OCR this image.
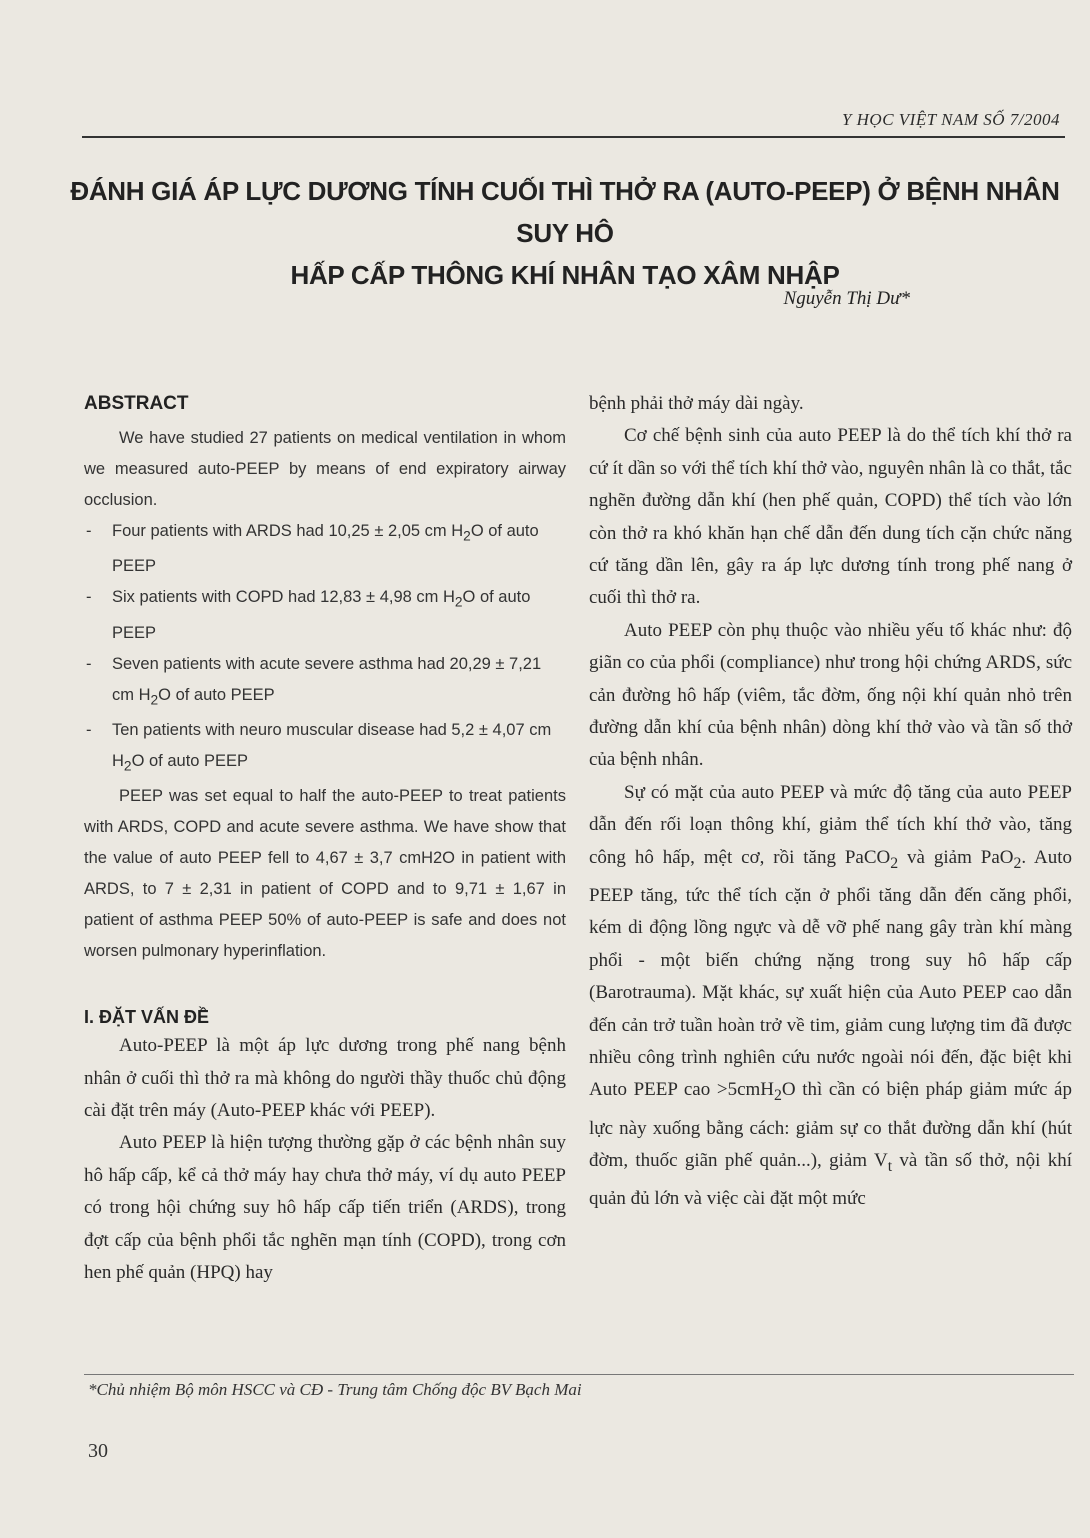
Y HỌC VIỆT NAM SỐ 7/2004
ĐÁNH GIÁ ÁP LỰC DƯƠNG TÍNH CUỐI THÌ THỞ RA (AUTO-PEEP) Ở BỆNH NHÂN SUY HÔ
HẤP CẤP THÔNG KHÍ NHÂN TẠO XÂM NHẬP
Nguyễn Thị Dư*
ABSTRACT

We have studied 27 patients on medical ventilation in whom we measured auto-PEEP by means of end expiratory airway occlusion.

- Four patients with ARDS had 10,25 ± 2,05 cm $H_2O$ of auto PEEP
- Six patients with COPD had 12,83 ± 4,98 cm $H_2O$ of auto PEEP
- Seven patients with acute severe asthma had 20,29 ± 7,21 cm $H_2O$ of auto PEEP
- Ten patients with neuro muscular disease had 5,2 ± 4,07 cm $H_2O$ of auto PEEP

PEEP was set equal to half the auto-PEEP to treat patients with ARDS, COPD and acute severe asthma. We have show that the value of auto PEEP fell to 4,67 ± 3,7 cmH2O in patient with ARDS, to 7 ± 2,31 in patient of COPD and to 9,71 ± 1,67 in patient of asthma PEEP 50% of auto-PEEP is safe and does not worsen pulmonary hyperinflation.

I. ĐẶT VẤN ĐỀ

Auto-PEEP là một áp lực dương trong phế nang bệnh nhân ở cuối thì thở ra mà không do người thầy thuốc chủ động cài đặt trên máy (Auto-PEEP khác với PEEP).

Auto PEEP là hiện tượng thường gặp ở các bệnh nhân suy hô hấp cấp, kể cả thở máy hay chưa thở máy, ví dụ auto PEEP có trong hội chứng suy hô hấp cấp tiến triển (ARDS), trong đợt cấp của bệnh phổi tắc nghẽn mạn tính (COPD), trong cơn hen phế quản (HPQ) hay

bệnh phải thở máy dài ngày.

Cơ chế bệnh sinh của auto PEEP là do thể tích khí thở ra cứ ít dần so với thể tích khí thở vào, nguyên nhân là co thắt, tắc nghẽn đường dẫn khí (hen phế quản, COPD) thể tích vào lớn còn thở ra khó khăn hạn chế dẫn đến dung tích cặn chức năng cứ tăng dần lên, gây ra áp lực dương tính trong phế nang ở cuối thì thở ra.

Auto PEEP còn phụ thuộc vào nhiều yếu tố khác như: độ giãn co của phổi (compliance) như trong hội chứng ARDS, sức cản đường hô hấp (viêm, tắc đờm, ống nội khí quản nhỏ trên đường dẫn khí của bệnh nhân) dòng khí thở vào và tần số thở của bệnh nhân.

Sự có mặt của auto PEEP và mức độ tăng của auto PEEP dẫn đến rối loạn thông khí, giảm thể tích khí thở vào, tăng công hô hấp, mệt cơ, rồi tăng PaCO$_2$ và giảm PaO$_2$. Auto PEEP tăng, tức thể tích cặn ở phổi tăng dẫn đến căng phổi, kém di động lồng ngực và dễ vỡ phế nang gây tràn khí màng phổi - một biến chứng nặng trong suy hô hấp cấp (Barotrauma). Mặt khác, sự xuất hiện của Auto PEEP cao dẫn đến cản trở tuần hoàn trở về tim, giảm cung lượng tim đã được nhiều công trình nghiên cứu nước ngoài nói đến, đặc biệt khi Auto PEEP cao >5cmH$_2$O thì cần có biện pháp giảm mức áp lực này xuống bằng cách: giảm sự co thắt đường dẫn khí (hút đờm, thuốc giãn phế quản...), giảm $V_t$ và tần số thở, nội khí quản đủ lớn và việc cài đặt một mức

*Chủ nhiệm Bộ môn HSCC và CĐ - Trung tâm Chống độc BV Bạch Mai
30
